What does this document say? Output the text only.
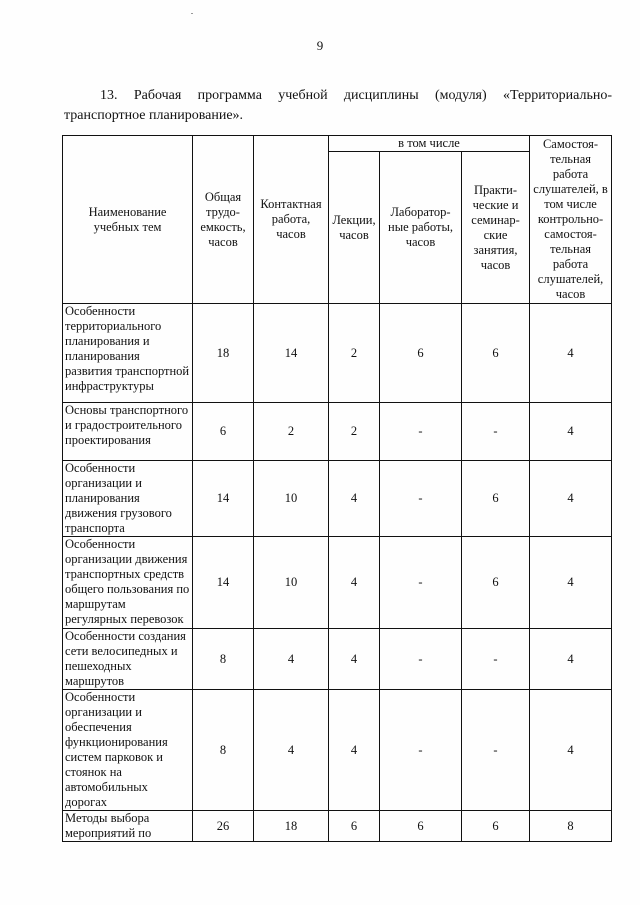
9
13. Рабочая программа учебной дисциплины (модуля) «Территориально-
транспортное планирование».
Наименование учебных тем	Общая трудо-емкость, часов	Контактная работа, часов	в том числе			Самостоя-тельная работа слушателей, в том числе контрольно-самостоя-тельная работа слушателей, часов
			Лекции, часов	Лаборатор-ные работы, часов	Практи-ческие и семинар-ские занятия, часов	
Особенности территориального планирования и планирования развития транспортной инфраструктуры	18	14	2	6	6	4
Основы транспортного и градостроительного проектирования	6	2	2	-	-	4
Особенности организации и планирования движения грузового транспорта	14	10	4	-	6	4
Особенности организации движения транспортных средств общего пользования по маршрутам регулярных перевозок	14	10	4	-	6	4
Особенности создания сети велосипедных и пешеходных маршрутов	8	4	4	-	-	4
Особенности организации и обеспечения функционирования систем парковок и стоянок на автомобильных дорогах	8	4	4	-	-	4
Методы выбора мероприятий по	26	18	6	6	6	8
